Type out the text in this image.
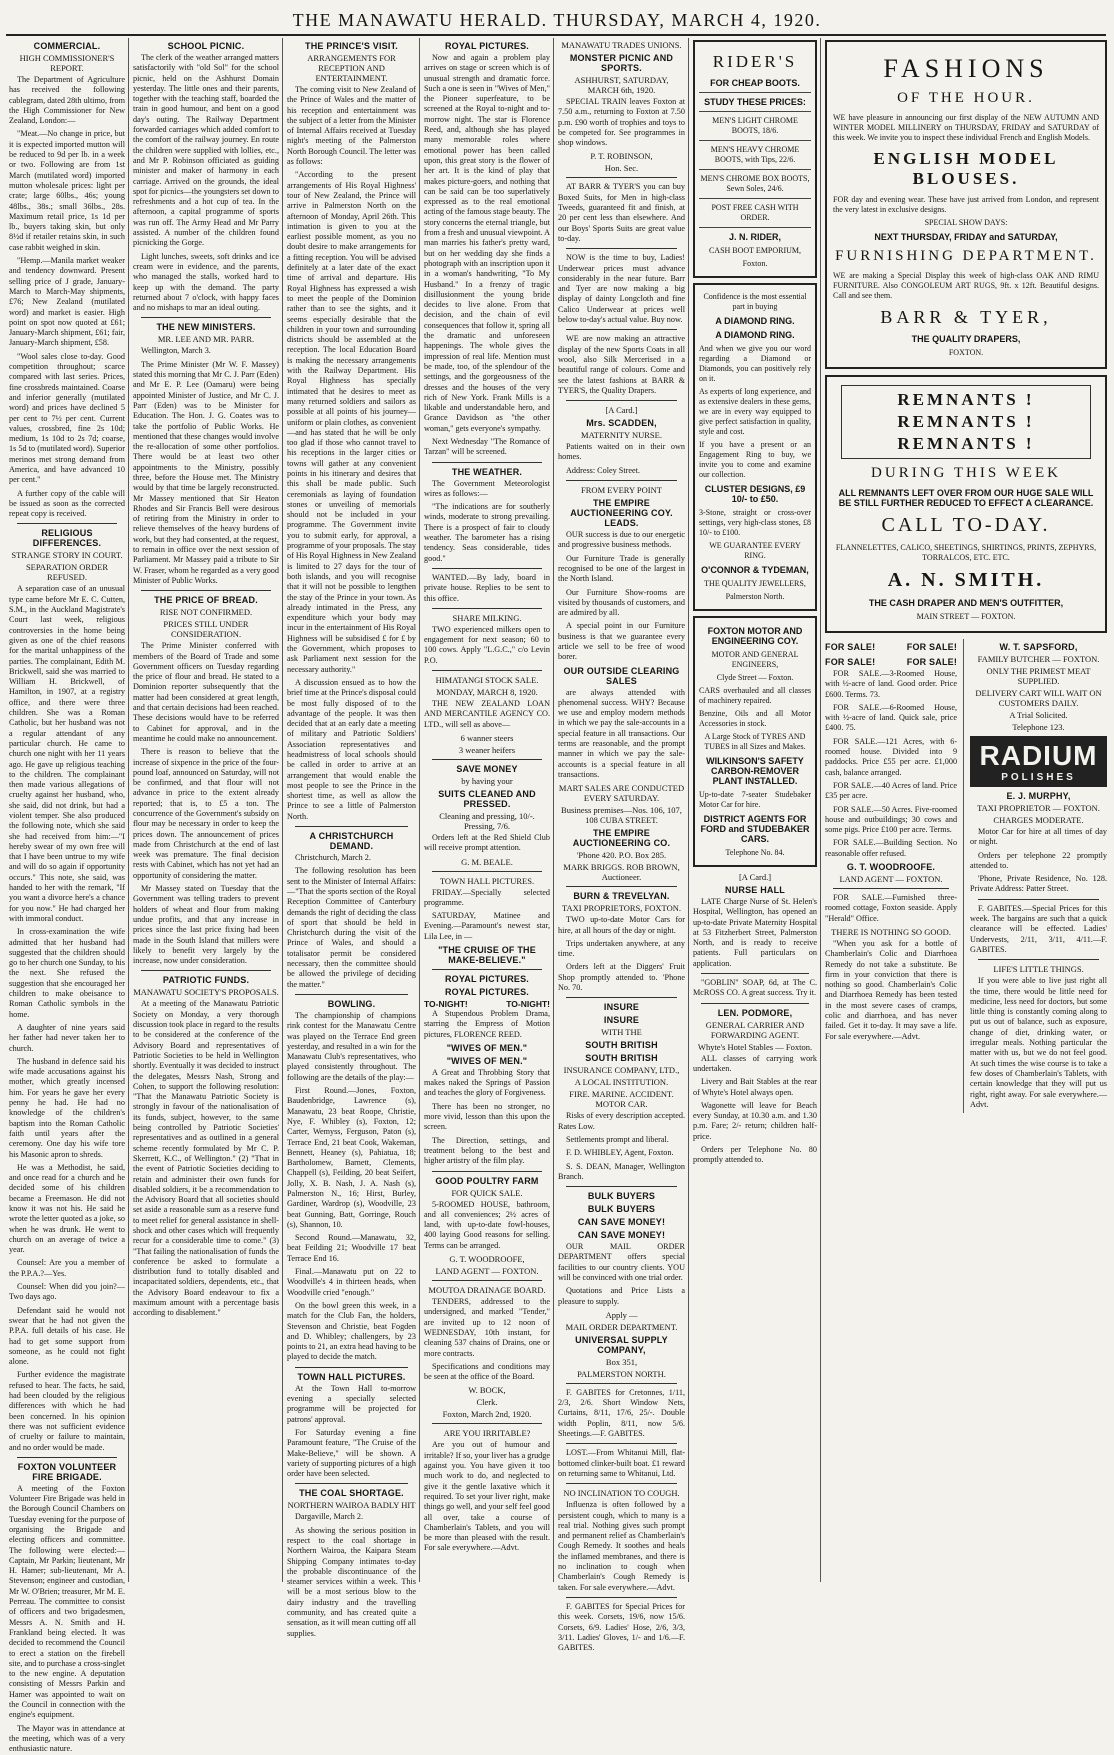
THE MANAWATU HERALD. THURSDAY, MARCH 4, 1920.
COMMERCIAL.
HIGH COMMISSIONER'S REPORT.

The Department of Agriculture has received the following cablegram, dated 28th ultimo, from the High Commissioner for New Zealand, London:—

"Meat.—No change in price, but it is expected imported mutton will be reduced to 9d per lb. in a week or two. Following are from 1st March (mutilated word) imported mutton wholesale prices: light per crate; large 60lbs., 46s; young 48lbs., 38s.; small 36lbs., 28s. Maximum retail price, 1s 1d per lb., buyers taking skin, but only 8½d if retailer retains skin, in such case rabbit weighed in skin.

"Hemp.—Manila market weaker and tendency downward. Present selling price of J grade, January-March to March-May shipments, £76; New Zealand (mutilated word) and market is easier. High point on spot now quoted at £61; January-March shipment, £61; fair, January-March shipment, £58.

"Wool sales close to-day. Good competition throughout; scarce compared with last series. Prices, fine crossbreds maintained. Coarse and inferior generally (mutilated word) and prices have declined 5 per cent to 7½ per cent. Current values, crossbred, fine 2s 10d; medium, 1s 10d to 2s 7d; coarse, 1s 5d to (mutilated word). Superior merinos met strong demand from America, and have advanced 10 per cent."

A further copy of the cable will be issued as soon as the corrected repeat copy is received.

RELIGIOUS DIFFERENCES.
STRANGE STORY IN COURT.
SEPARATION ORDER REFUSED.

A separation case of an unusual type came before Mr E. C. Cutten, S.M., in the Auckland Magistrate's Court last week, religious controversies in the home being given as one of the chief reasons for the marital unhappiness of the parties. The complainant, Edith M. Brickwell, said she was married to William H. Brickwell, of Hamilton, in 1907, at a registry office, and there were three children. She was a Roman Catholic, but her husband was not a regular attendant of any particular church. He came to church one night with her 11 years ago. He gave up religious teaching to the children. The complainant then made various allegations of cruelty against her husband, who, she said, did not drink, but had a violent temper. She also produced the following note, which she said she had received from him:—"I hereby swear of my own free will that I have been untrue to my wife and will do so again if opportunity occurs." This note, she said, was handed to her with the remark, "If you want a divorce here's a chance for you now." He had charged her with immoral conduct.

In cross-examination the wife admitted that her husband had suggested that the children should go to her church one Sunday, to his the next. She refused the suggestion that she encouraged her children to make obeisance to Roman Catholic symbols in the home.

A daughter of nine years said her father had never taken her to church.

The husband in defence said his wife made accusations against his mother, which greatly incensed him. For years he gave her every penny he had. He had no knowledge of the children's baptism into the Roman Catholic faith until years after the ceremony. One day his wife tore his Masonic apron to shreds.

He was a Methodist, he said, and once read for a church and he decided some of his children became a Freemason. He did not know it was not his. He said he wrote the letter quoted as a joke, so when he was drunk. He went to church on an average of twice a year.

Counsel: Are you a member of the P.P.A.?—Yes.

Counsel: When did you join?—Two days ago.

Defendant said he would not swear that he had not given the P.P.A. full details of his case. He had to get some support from someone, as he could not fight alone.

Further evidence the magistrate refused to hear. The facts, he said, had been clouded by the religious differences with which he had been concerned. In his opinion there was not sufficient evidence of cruelty or failure to maintain, and no order would be made.

FOXTON VOLUNTEER FIRE BRIGADE.

A meeting of the Foxton Volunteer Fire Brigade was held in the Borough Council Chambers on Tuesday evening for the purpose of organising the Brigade and electing officers and committee. The following were elected:—Captain, Mr Parkin; lieutenant, Mr H. Hamer; sub-lieutenant, Mr A. Stevenson; engineer and custodian, Mr W. O'Brien; treasurer, Mr M. E. Perreau. The committee to consist of officers and two brigadesmen, Messrs A. N. Smith and H. Frankland being elected. It was decided to recommend the Council to erect a station on the firebell site, and to purchase a cross-singlet to the new engine. A deputation consisting of Messrs Parkin and Hamer was appointed to wait on the Council in connection with the engine's equipment.

The Mayor was in attendance at the meeting, which was of a very enthusiastic nature.

SCHOOL PICNIC.

The clerk of the weather arranged matters satisfactorily with "old Sol" for the school picnic, held on the Ashhurst Domain yesterday. The little ones and their parents, together with the teaching staff, boarded the train in good humour, and bent on a good day's outing. The Railway Department forwarded carriages which added comfort to the comfort of the railway journey. En route the children were supplied with lollies, etc., and Mr P. Robinson officiated as guiding minister and maker of harmony in each carriage. Arrived on the grounds, the ideal spot for picnics—the youngsters set down to refreshments and a hot cup of tea. In the afternoon, a capital programme of sports was run off. The Army Head and Mr Parry assisted. A number of the children found picnicking the Gorge.

Light lunches, sweets, soft drinks and ice cream were in evidence, and the parents, who managed the stalls, worked hard to keep up with the demand. The party returned about 7 o'clock, with happy faces and no mishaps to mar an ideal outing.

THE NEW MINISTERS.
MR. LEE AND MR. PARR.

Wellington, March 3.

The Prime Minister (Mr W. F. Massey) stated this morning that Mr C. J. Parr (Eden) and Mr E. P. Lee (Oamaru) were being appointed Minister of Justice, and Mr C. J. Parr (Eden) was to be Minister for Education. The Hon. J. G. Coates was to take the portfolio of Public Works. He mentioned that these changes would involve the re-allocation of some other portfolios. There would be at least two other appointments to the Ministry, possibly three, before the House met. The Ministry would by that time be largely reconstructed. Mr Massey mentioned that Sir Heaton Rhodes and Sir Francis Bell were desirous of retiring from the Ministry in order to relieve themselves of the heavy burdens of work, but they had consented, at the request, to remain in office over the next session of Parliament. Mr Massey paid a tribute to Sir W. Fraser, whom he regarded as a very good Minister of Public Works.

THE PRICE OF BREAD.
RISE NOT CONFIRMED.
PRICES STILL UNDER CONSIDERATION.

The Prime Minister conferred with members of the Board of Trade and some Government officers on Tuesday regarding the price of flour and bread. He stated to a Dominion reporter subsequently that the matter had been considered at great length, and that certain decisions had been reached. These decisions would have to be referred to Cabinet for approval, and in the meantime he could make no announcement.

There is reason to believe that the increase of sixpence in the price of the four-pound loaf, announced on Saturday, will not be confirmed, and that flour will not advance in price to the extent already reported; that is, to £5 a ton. The concurrence of the Government's subsidy on flour may be necessary in order to keep the prices down. The announcement of prices made from Christchurch at the end of last week was premature. The final decision rests with Cabinet, which has not yet had an opportunity of considering the matter.

Mr Massey stated on Tuesday that the Government was telling traders to prevent holders of wheat and flour from making undue profits, and that any increase in prices since the last price fixing had been made in the South Island that millers were likely to benefit very largely by the increase, now under consideration.

PATRIOTIC FUNDS.
MANAWATU SOCIETY'S PROPOSALS.

At a meeting of the Manawatu Patriotic Society on Monday, a very thorough discussion took place in regard to the results to be considered at the conference of the Advisory Board and representatives of Patriotic Societies to be held in Wellington shortly. Eventually it was decided to instruct the delegates, Messrs Nash, Strong and Cohen, to support the following resolution: "That the Manawatu Patriotic Society is strongly in favour of the nationalisation of its funds, subject, however, to the same being controlled by Patriotic Societies' representatives and as outlined in a general scheme recently formulated by Mr C. P. Skerrett, K.C., of Wellington." (2) "That in the event of Patriotic Societies deciding to retain and administer their own funds for disabled soldiers, it be a recommendation to the Advisory Board that all societies should set aside a reasonable sum as a reserve fund to meet relief for general assistance in shell-shock and other cases which will frequently recur for a considerable time to come." (3) "That failing the nationalisation of funds the conference be asked to formulate a distribution fund to totally disabled and incapacitated soldiers, dependents, etc., that the Advisory Board endeavour to fix a maximum amount with a percentage basis according to disablement."

THE PRINCE'S VISIT.
ARRANGEMENTS FOR RECEPTION AND ENTERTAINMENT.

The coming visit to New Zealand of the Prince of Wales and the matter of his reception and entertainment was the subject of a letter from the Minister of Internal Affairs received at Tuesday night's meeting of the Palmerston North Borough Council. The letter was as follows:

"According to the present arrangements of His Royal Highness' tour of New Zealand, the Prince will arrive in Palmerston North on the afternoon of Monday, April 26th. This intimation is given to you at the earliest possible moment, as you no doubt desire to make arrangements for a fitting reception. You will be advised definitely at a later date of the exact time of arrival and departure. His Royal Highness has expressed a wish to meet the people of the Dominion rather than to see the sights, and it seems especially desirable that the children in your town and surrounding districts should be assembled at the reception. The local Education Board is making the necessary arrangements with the Railway Department. His Royal Highness has specially intimated that he desires to meet as many returned soldiers and sailors as possible at all points of his journey—uniform or plain clothes, as convenient—and has stated that he will be only too glad if those who cannot travel to his receptions in the larger cities or towns will gather at any convenient points in his itinerary and desires that this shall be made public. Such ceremonials as laying of foundation stones or unveiling of memorials should not be included in your programme. The Government invite you to submit early, for approval, a programme of your proposals. The stay of His Royal Highness in New Zealand is limited to 27 days for the tour of both islands, and you will recognise that it will not be possible to lengthen the stay of the Prince in your town. As already intimated in the Press, any expenditure which your body may incur in the entertainment of His Royal Highness will be subsidised £ for £ by the Government, which proposes to ask Parliament next session for the necessary authority."

A discussion ensued as to how the brief time at the Prince's disposal could be most fully disposed of to the advantage of the people. It was then decided that at an early date a meeting of military and Patriotic Soldiers' Association representatives and headmistress of local schools should be called in order to arrive at an arrangement that would enable the most people to see the Prince in the shortest time, as well as allow the Prince to see a little of Palmerston North.

A CHRISTCHURCH DEMAND.

Christchurch, March 2.

The following resolution has been sent to the Minister of Internal Affairs:—"That the sports section of the Royal Reception Committee of Canterbury demands the right of deciding the class of sport that should be held in Christchurch during the visit of the Prince of Wales, and should a totalisator permit be considered necessary, then the committee should be allowed the privilege of deciding the matter."

BOWLING.

The championship of champions rink contest for the Manawatu Centre was played on the Terrace End green yesterday, and resulted in a win for the Manawatu Club's representatives, who played consistently throughout. The following are the details of the play:—

First Round.—Jones, Foxton, Baudenbridge, Lawrence (s), Manawatu, 23 beat Roope, Christie, Nye, F. Whibley (s), Foxton, 12; Carter, Wemyss, Ferguson, Paton (s), Terrace End, 21 beat Cook, Wakeman, Bennett, Heaney (s), Pahiatua, 18; Bartholomew, Barnett, Clements, Chappell (s), Feilding, 20 beat Seifert, Jolly, X. B. Nash, J. A. Nash (s), Palmerston N., 16; Hirst, Burley, Gardiner, Wardrop (s), Woodville, 23 beat Gunning, Batt, Gorringe, Rouch (s), Shannon, 10.

Second Round.—Manawatu, 32, beat Feilding 21; Woodville 17 beat Terrace End 16.

Final.—Manawatu put on 22 to Woodville's 4 in thirteen heads, when Woodville cried "enough."

On the bowl green this week, in a match for the Club Fan, the holders, Stevenson and Christie, beat Fogden and D. Whibley; challengers, by 23 points to 21, an extra head having to be played to decide the match.

TOWN HALL PICTURES.

At the Town Hall to-morrow evening a specially selected programme will be projected for patrons' approval.

For Saturday evening a fine Paramount feature, "The Cruise of the Make-Believe," will be shown. A variety of supporting pictures of a high order have been selected.

THE COAL SHORTAGE.
NORTHERN WAIROA BADLY HIT

Dargaville, March 2.

As showing the serious position in respect to the coal shortage in Northern Wairoa, the Kaipara Steam Shipping Company intimates to-day the probable discontinuance of the steamer services within a week. This will be a most serious blow to the dairy industry and the travelling community, and has created quite a sensation, as it will mean cutting off all supplies.

ROYAL PICTURES.

Now and again a problem play arrives on stage or screen which is of unusual strength and dramatic force. Such a one is seen in "Wives of Men," the Pioneer superfeature, to be screened at the Royal to-night and to-morrow night. The star is Florence Reed, and, although she has played many memorable roles where emotional power has been called upon, this great story is the flower of her art. It is the kind of play that makes picture-goers, and nothing that can be said can be too superlatively expressed as to the real emotional acting of the famous stage beauty. The story concerns the eternal triangle, but from a fresh and unusual viewpoint. A man marries his father's pretty ward, but on her wedding day she finds a photograph with an inscription upon it in a woman's handwriting, "To My Husband." In a frenzy of tragic disillusionment the young bride decides to live alone. From that decision, and the chain of evil consequences that follow it, spring all the dramatic and unforeseen happenings. The whole gives the impression of real life. Mention must be made, too, of the splendour of the settings, and the gorgeousness of the dresses and the houses of the very rich of New York. Frank Mills is a likable and understandable hero, and Grance Davidson as "the other woman," gets everyone's sympathy.

Next Wednesday "The Romance of Tarzan" will be screened.

THE WEATHER.

The Government Meteorologist wires as follows:—

"The indications are for southerly winds, moderate to strong prevailing. There is a prospect of fair to cloudy weather. The barometer has a rising tendency. Seas considerable, tides good."

WANTED.—By lady, board in private house. Replies to be sent to this office.

SHARE MILKING.

TWO experienced milkers open to engagement for next season; 60 to 100 cows. Apply "L.G.C.," c/o Levin P.O.

HIMATANGI STOCK SALE.
MONDAY, MARCH 8, 1920.

THE NEW ZEALAND LOAN AND MERCANTILE AGENCY CO. LTD., will sell as above—

6 wanner steers
3 weaner heifers
SAVE MONEY
by having your
SUITS CLEANED AND PRESSED.
Cleaning and pressing, 10/-. Pressing, 7/6.

Orders left at the Red Shield Club will receive prompt attention.

G. M. BEALE.
TOWN HALL PICTURES.

FRIDAY.—Specially selected programme.

SATURDAY, Matinee and Evening.—Paramount's newest star, Lila Lee, in —

"THE CRUISE OF THE MAKE-BELIEVE."
ROYAL PICTURES.
ROYAL PICTURES.
TO-NIGHT!	TO-NIGHT!

A Stupendous Problem Drama, starring the Empress of Motion pictures, FLORENCE REED.

"WIVES OF MEN."
"WIVES OF MEN."

A Great and Throbbing Story that makes naked the Springs of Passion and teaches the glory of Forgiveness.

There has been no stronger, no more vivid, lesson than this upon the screen.

The Direction, settings, and treatment belong to the best and higher artistry of the film play.

GOOD POULTRY FARM
FOR QUICK SALE.

5-ROOMED HOUSE, bathroom, and all conveniences; 2½ acres of land, with up-to-date fowl-houses, 400 laying Good reasons for selling. Terms can be arranged.

G. T. WOODROOFE,
LAND AGENT — FOXTON.
MOUTOA DRAINAGE BOARD.

TENDERS, addressed to the undersigned, and marked "Tender," are invited up to 12 noon of WEDNESDAY, 10th instant, for cleaning 537 chains of Drains, one or more contracts.

Specifications and conditions may be seen at the office of the Board.

W. BOCK,
Clerk.
Foxton, March 2nd, 1920.
ARE YOU IRRITABLE?

Are you out of humour and irritable? If so, your liver has a grudge against you. You have given it too much work to do, and neglected to give it the gentle laxative which it required. To set your liver right, make things go well, and your self feel good all over, take a course of Chamberlain's Tablets, and you will be more than pleased with the result. For sale everywhere.—Advt.

MANAWATU TRADES UNIONS.
MONSTER PICNIC AND SPORTS.
ASHHURST, SATURDAY, MARCH 6th, 1920.

SPECIAL TRAIN leaves Foxton at 7.50 a.m., returning to Foxton at 7.50 p.m. £90 worth of trophies and toys to be competed for. See programmes in shop windows.

P. T. ROBINSON,
Hon. Sec.

AT BARR & TYER'S you can buy Boxed Suits, for Men in high-class Tweeds, guaranteed fit and finish, at 20 per cent less than elsewhere. And our Boys' Sports Suits are great value to-day.

NOW is the time to buy, Ladies! Underwear prices must advance considerably in the near future. Barr and Tyer are now making a big display of dainty Longcloth and fine Calico Underwear at prices well below to-day's actual value. Buy now.

WE are now making an attractive display of the new Sports Coats in all wool, also Silk Mercerised in a beautiful range of colours. Come and see the latest fashions at BARR & TYER'S, the Quality Drapers.

[A Card.]
Mrs. SCADDEN,
MATERNITY NURSE.

Patients waited on in their own homes.

Address: Coley Street.

FROM EVERY POINT
THE EMPIRE AUCTIONEERING COY. LEADS.

OUR success is due to our energetic and progressive business methods.

Our Furniture Trade is generally recognised to be one of the largest in the North Island.

Our Furniture Show-rooms are visited by thousands of customers, and are admired by all.

A special point in our Furniture business is that we guarantee every article we sell to be free of wood borer.

OUR OUTSIDE CLEARING SALES

are always attended with phenomenal success. WHY? Because we use and employ modern methods in which we pay the sale-accounts in a special feature in all transactions. Our terms are reasonable, and the prompt manner in which we pay the sale-accounts is a special feature in all transactions.

MART SALES ARE CONDUCTED EVERY SATURDAY.
Business premises—Nos. 106, 107, 108 CUBA STREET.
THE EMPIRE AUCTIONEERING CO.
'Phone 420. P.O. Box 285.
MARK BRIGGS. ROB BROWN, Auctioneer.
BURN & TREVELYAN.
TAXI PROPRIETORS, FOXTON.

TWO up-to-date Motor Cars for hire, at all hours of the day or night.

Trips undertaken anywhere, at any time.

Orders left at the Diggers' Fruit Shop promptly attended to. 'Phone No. 70.

INSURE
INSURE
WITH THE
SOUTH BRITISH
SOUTH BRITISH
INSURANCE COMPANY, LTD.,
A LOCAL INSTITUTION.
FIRE. MARINE. ACCIDENT. MOTOR CAR.

Risks of every description accepted. Rates Low.

Settlements prompt and liberal.

F. D. WHIBLEY, Agent, Foxton.

S. S. DEAN, Manager, Wellington Branch.

BULK BUYERS
BULK BUYERS
CAN SAVE MONEY!
CAN SAVE MONEY!

OUR MAIL ORDER DEPARTMENT offers special facilities to our country clients. YOU will be convinced with one trial order.

Quotations and Price Lists a pleasure to supply.

Apply —
MAIL ORDER DEPARTMENT.
UNIVERSAL SUPPLY COMPANY,
Box 351,
PALMERSTON NORTH.

F. GABITES for Cretonnes, 1/11, 2/3, 2/6. Short Window Nets, Curtains, 8/11, 17/6, 25/-. Double width Poplin, 8/11, now 5/6. Sheetings.—F. GABITES.

LOST.—From Whitanui Mill, flat-bottomed clinker-built boat. £1 reward on returning same to Whitanui, Ltd.

NO INCLINATION TO COUGH.

Influenza is often followed by a persistent cough, which to many is a real trial. Nothing gives such prompt and permanent relief as Chamberlain's Cough Remedy. It soothes and heals the inflamed membranes, and there is no inclination to cough when Chamberlain's Cough Remedy is taken. For sale everywhere.—Advt.

F. GABITES for Special Prices for this week. Corsets, 19/6, now 15/6. Corsets, 6/9. Ladies' Hose, 2/6, 3/3, 3/11. Ladies' Gloves, 1/- and 1/6.—F. GABITES.

RIDER'S
FOR CHEAP BOOTS.
STUDY THESE PRICES:
MEN'S LIGHT CHROME BOOTS, 18/6.
MEN'S HEAVY CHROME BOOTS, with Tips, 22/6.
MEN'S CHROME BOX BOOTS, Sewn Soles, 24/6.
POST FREE CASH WITH ORDER.
J. N. RIDER,
CASH BOOT EMPORIUM,
Foxton.
Confidence is the most essential part in buying
A DIAMOND RING.
A DIAMOND RING.
And when we give you our word regarding a Diamond or Diamonds, you can positively rely on it.
As experts of long experience, and as extensive dealers in these gems, we are in every way equipped to give perfect satisfaction in quality, style and cost.
If you have a present or an Engagement Ring to buy, we invite you to come and examine our collection.
CLUSTER DESIGNS, £9 10/- to £50.
3-Stone, straight or cross-over settings, very high-class stones, £8 10/- to £100.
WE GUARANTEE EVERY RING.
O'CONNOR & TYDEMAN,
THE QUALITY JEWELLERS,
Palmerston North.
FOXTON MOTOR AND ENGINEERING COY.
MOTOR AND GENERAL ENGINEERS,
Clyde Street — Foxton.
CARS overhauled and all classes of machinery repaired.
Benzine, Oils and all Motor Accessories in stock.
A Large Stock of TYRES AND TUBES in all Sizes and Makes.
WILKINSON'S SAFETY CARBON-REMOVER PLANT INSTALLED.
Up-to-date 7-seater Studebaker Motor Car for hire.
DISTRICT AGENTS FOR FORD and STUDEBAKER CARS.
Telephone No. 84.
[A Card.]
NURSE HALL

LATE Charge Nurse of St. Helen's Hospital, Wellington, has opened an up-to-date Private Maternity Hospital at 53 Fitzherbert Street, Palmerston North, and is ready to receive patients. Full particulars on application.

"GOBLIN" SOAP, 6d, at The C. McROSS CO. A great success. Try it.

LEN. PODMORE,
GENERAL CARRIER AND FORWARDING AGENT.
Whyte's Hotel Stables — Foxton.

ALL classes of carrying work undertaken.

Livery and Bait Stables at the rear of Whyte's Hotel always open.

Wagonette will leave for Beach every Sunday, at 10.30 a.m. and 1.30 p.m. Fare; 2/- return; children half-price.

Orders per Telephone No. 80 promptly attended to.

FASHIONS
OF THE HOUR.
WE have pleasure in announcing our first display of the NEW AUTUMN AND WINTER MODEL MILLINERY on THURSDAY, FRIDAY and SATURDAY of this week. We invite you to inspect these individual French and English Models.
ENGLISH MODEL BLOUSES.
FOR day and evening wear. These have just arrived from London, and represent the very latest in exclusive designs.
SPECIAL SHOW DAYS:
NEXT THURSDAY, FRIDAY and SATURDAY,
FURNISHING DEPARTMENT.
WE are making a Special Display this week of high-class OAK AND RIMU FURNITURE. Also CONGOLEUM ART RUGS, 9ft. x 12ft. Beautiful designs. Call and see them.
BARR & TYER,
THE QUALITY DRAPERS,
FOXTON.
REMNANTS !
REMNANTS !
REMNANTS !
DURING THIS WEEK
ALL REMNANTS LEFT OVER FROM OUR HUGE SALE WILL BE STILL FURTHER REDUCED TO EFFECT A CLEARANCE.
CALL TO-DAY.
FLANNELETTES, CALICO, SHEETINGS, SHIRTINGS, PRINTS, ZEPHYRS, TORRALCOS, ETC. ETC.
A. N. SMITH.
THE CASH DRAPER AND MEN'S OUTFITTER,
MAIN STREET — FOXTON.
FOR SALE!	FOR SALE!
FOR SALE!	FOR SALE!

FOR SALE.—3-Roomed House, with ½-acre of land. Good order. Price £600. Terms. 73.

FOR SALE.—6-Roomed House, with ½-acre of land. Quick sale, price £400. 75.

FOR SALE.—121 Acres, with 6-roomed house. Divided into 9 paddocks. Price £55 per acre. £1,000 cash, balance arranged.

FOR SALE.—40 Acres of land. Price £35 per acre.

FOR SALE.—50 Acres. Five-roomed house and outbuildings; 30 cows and some pigs. Price £100 per acre. Terms.

FOR SALE.—Building Section. No reasonable offer refused.

G. T. WOODROOFE.
LAND AGENT — FOXTON.

FOR SALE.—Furnished three-roomed cottage, Foxton seaside. Apply "Herald" Office.

THERE IS NOTHING SO GOOD.

"When you ask for a bottle of Chamberlain's Colic and Diarrhoea Remedy do not take a substitute. Be firm in your conviction that there is nothing so good. Chamberlain's Colic and Diarrhoea Remedy has been tested in the most severe cases of cramps, colic and diarrhoea, and has never failed. Get it to-day. It may save a life. For sale everywhere.—Advt.

W. T. SAPSFORD,
FAMILY BUTCHER — FOXTON.
ONLY THE PRIMEST MEAT SUPPLIED.
DELIVERY CART WILL WAIT ON CUSTOMERS DAILY.
A Trial Solicited.
Telephone 123.
RADIUM
POLISHES
E. J. MURPHY,
TAXI PROPRIETOR — FOXTON.
CHARGES MODERATE.

Motor Car for hire at all times of day or night.

Orders per telephone 22 promptly attended to.

'Phone, Private Residence, No. 128. Private Address: Patter Street.

F. GABITES.—Special Prices for this week. The bargains are such that a quick clearance will be effected. Ladies' Undervests, 2/11, 3/11, 4/11.—F. GABITES.

LIFE'S LITTLE THINGS.

If you were able to live just right all the time, there would be little need for medicine, less need for doctors, but some little thing is constantly coming along to put us out of balance, such as exposure, change of diet, drinking water, or irregular meals. Nothing particular the matter with us, but we do not feel good. At such times the wise course is to take a few doses of Chamberlain's Tablets, with certain knowledge that they will put us right, right away. For sale everywhere.—Advt.
